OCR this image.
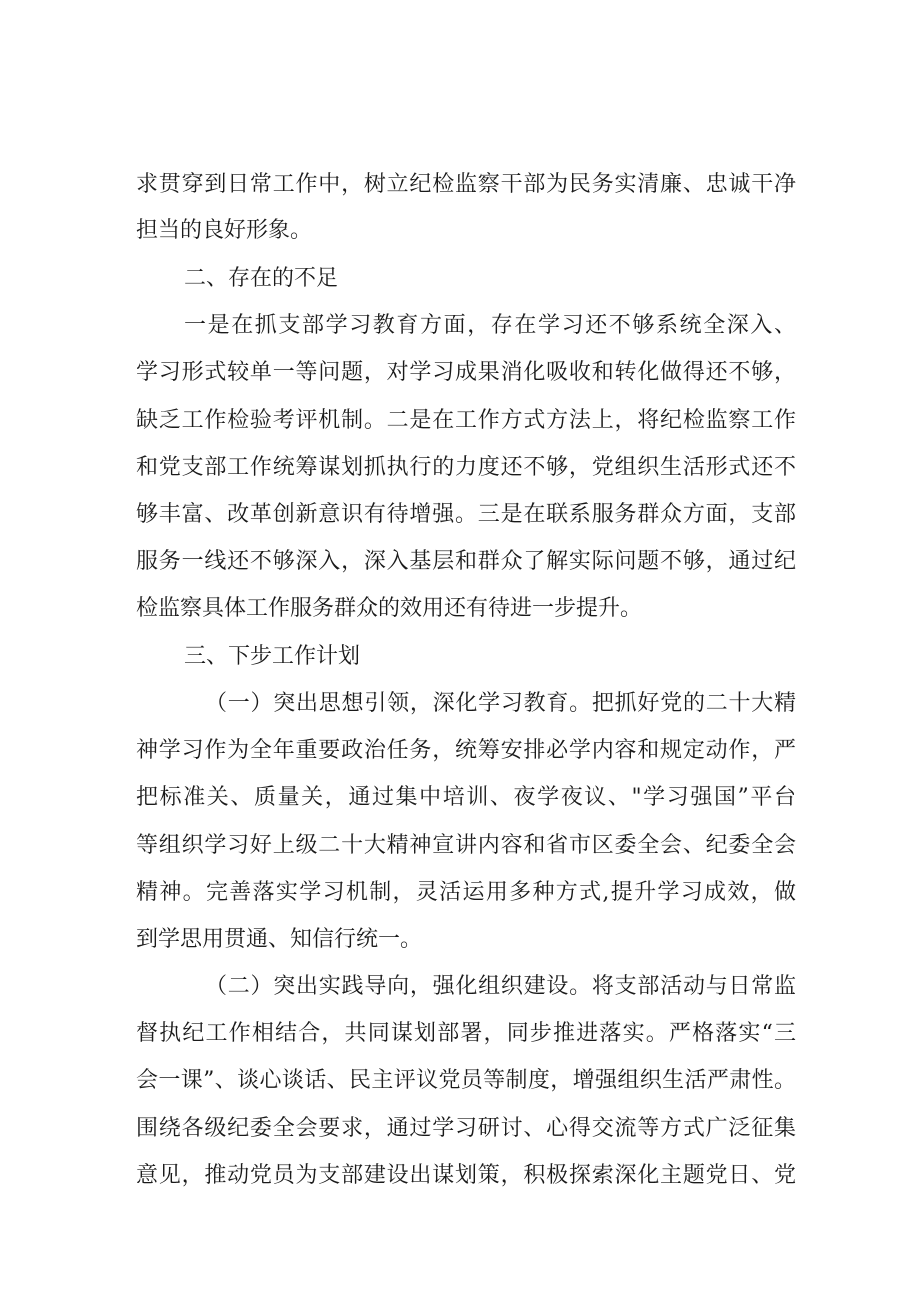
求贯穿到日常工作中，树立纪检监察干部为民务实清廉、忠诚干净
担当的良好形象。
二、存在的不足
一是在抓支部学习教育方面，存在学习还不够系统全深入、
学习形式较单一等问题，对学习成果消化吸收和转化做得还不够，
缺乏工作检验考评机制。二是在工作方式方法上，将纪检监察工作
和党支部工作统筹谋划抓执行的力度还不够，党组织生活形式还不
够丰富、改革创新意识有待增强。三是在联系服务群众方面，支部
服务一线还不够深入，深入基层和群众了解实际问题不够，通过纪
检监察具体工作服务群众的效用还有待进一步提升。
三、下步工作计划
（一）突出思想引领，深化学习教育。把抓好党的二十大精
神学习作为全年重要政治任务，统筹安排必学内容和规定动作，严
把标准关、质量关，通过集中培训、夜学夜议、"学习强国”平台
等组织学习好上级二十大精神宣讲内容和省市区委全会、纪委全会
精神。完善落实学习机制，灵活运用多种方式,提升学习成效，做
到学思用贯通、知信行统一。
（二）突出实践导向，强化组织建设。将支部活动与日常监
督执纪工作相结合，共同谋划部署，同步推进落实。严格落实“三
会一课”、谈心谈话、民主评议党员等制度，增强组织生活严肃性。
围绕各级纪委全会要求，通过学习研讨、心得交流等方式广泛征集
意见，推动党员为支部建设出谋划策，积极探索深化主题党日、党
